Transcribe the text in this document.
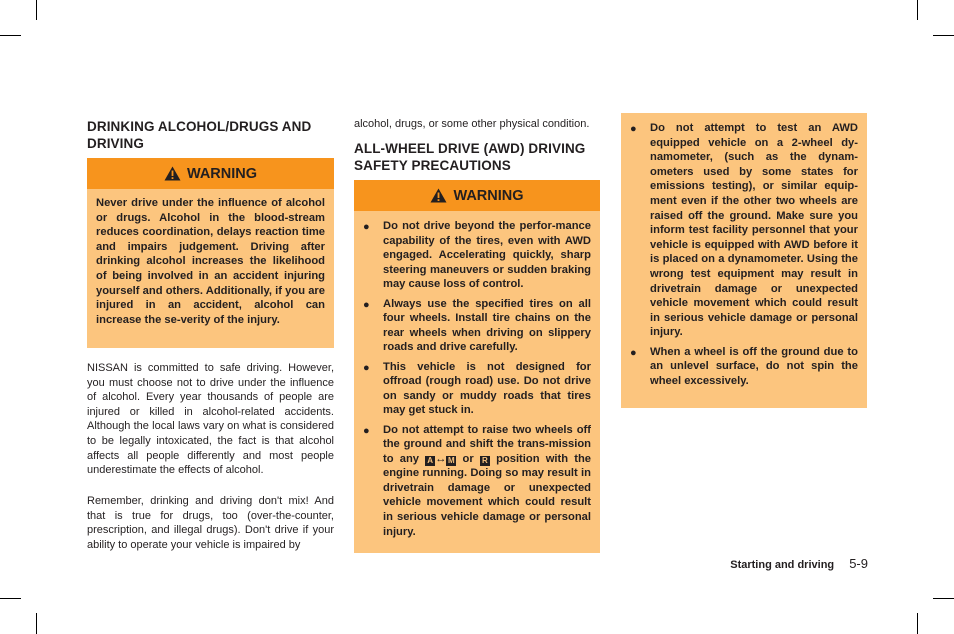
DRINKING ALCOHOL/DRUGS AND DRIVING
WARNING

Never drive under the influence of alcohol or drugs. Alcohol in the blood-stream reduces coordination, delays reaction time and impairs judgement. Driving after drinking alcohol increases the likelihood of being involved in an accident injuring yourself and others. Additionally, if you are injured in an accident, alcohol can increase the se-verity of the injury.

NISSAN is committed to safe driving. However, you must choose not to drive under the influence of alcohol. Every year thousands of people are injured or killed in alcohol-related accidents. Although the local laws vary on what is considered to be legally intoxicated, the fact is that alcohol affects all people differently and most people underestimate the effects of alcohol.

Remember, drinking and driving don't mix! And that is true for drugs, too (over-the-counter, prescription, and illegal drugs). Don't drive if your ability to operate your vehicle is impaired by

alcohol, drugs, or some other physical condition.

ALL-WHEEL DRIVE (AWD) DRIVING SAFETY PRECAUTIONS
WARNING
● Do not drive beyond the perfor-mance capability of the tires, even with AWD engaged. Accelerating quickly, sharp steering maneuvers or sudden braking may cause loss of control.
● Always use the specified tires on all four wheels. Install tire chains on the rear wheels when driving on slippery roads and drive carefully.
● This vehicle is not designed for offroad (rough road) use. Do not drive on sandy or muddy roads that tires may get stuck in.
● Do not attempt to raise two wheels off the ground and shift the trans-mission to any A ↔ M or R position with the engine running. Doing so may result in drivetrain damage or unexpected vehicle movement which could result in serious vehicle damage or personal injury.
● Do not attempt to test an AWD equipped vehicle on a 2-wheel dy-namometer, (such as the dynam-ometers used by some states for emissions testing), or similar equip-ment even if the other two wheels are raised off the ground. Make sure you inform test facility personnel that your vehicle is equipped with AWD before it is placed on a dynamometer. Using the wrong test equipment may result in drivetrain damage or unexpected vehicle movement which could result in serious vehicle damage or personal injury.
● When a wheel is off the ground due to an unlevel surface, do not spin the wheel excessively.
Starting and driving 5-9
